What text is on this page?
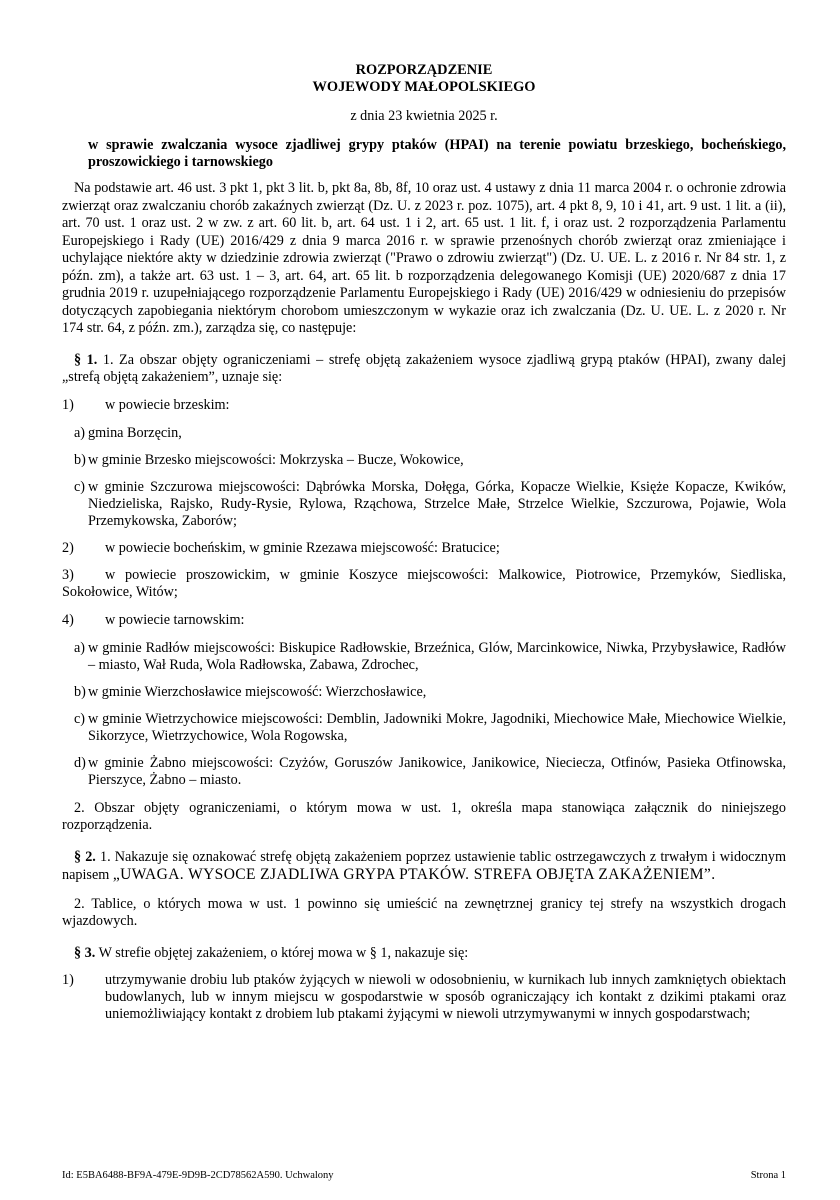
ROZPORZĄDZENIE
WOJEWODY MAŁOPOLSKIEGO
z dnia 23 kwietnia 2025 r.
w sprawie zwalczania wysoce zjadliwej grypy ptaków (HPAI) na terenie powiatu brzeskiego, bocheńskiego, proszowickiego i tarnowskiego

Na podstawie art. 46 ust. 3 pkt 1, pkt 3 lit. b, pkt 8a, 8b, 8f, 10 oraz ust. 4 ustawy z dnia 11 marca 2004 r. o ochronie zdrowia zwierząt oraz zwalczaniu chorób zakaźnych zwierząt (Dz. U. z 2023 r. poz. 1075), art. 4 pkt 8, 9, 10 i 41, art. 9 ust. 1 lit. a (ii), art. 70 ust. 1 oraz ust. 2 w zw. z art. 60 lit. b, art. 64 ust. 1 i 2, art. 65 ust. 1 lit. f, i oraz ust. 2 rozporządzenia Parlamentu Europejskiego i Rady (UE) 2016/429 z dnia 9 marca 2016 r. w sprawie przenośnych chorób zwierząt oraz zmieniające i uchylające niektóre akty w dziedzinie zdrowia zwierząt ("Prawo o zdrowiu zwierząt") (Dz. U. UE. L. z 2016 r. Nr 84 str. 1, z późn. zm), a także art. 63 ust. 1 – 3, art. 64, art. 65 lit. b rozporządzenia delegowanego Komisji (UE) 2020/687 z dnia 17 grudnia 2019 r. uzupełniającego rozporządzenie Parlamentu Europejskiego i Rady (UE) 2016/429 w odniesieniu do przepisów dotyczących zapobiegania niektórym chorobom umieszczonym w wykazie oraz ich zwalczania (Dz. U. UE. L. z 2020 r. Nr 174 str. 64, z późn. zm.), zarządza się, co następuje:

§ 1. 1. Za obszar objęty ograniczeniami – strefę objętą zakażeniem wysoce zjadliwą grypą ptaków (HPAI), zwany dalej „strefą objętą zakażeniem”, uznaje się:

1)	w powiecie brzeskim:
a) gmina Borzęcin,
b) w gminie Brzesko miejscowości: Mokrzyska – Bucze, Wokowice,
c) w gminie Szczurowa miejscowości: Dąbrówka Morska, Dołęga, Górka, Kopacze Wielkie, Księże Kopacze, Kwików, Niedzieliska, Rajsko, Rudy-Rysie, Rylowa, Rząchowa, Strzelce Małe, Strzelce Wielkie, Szczurowa, Pojawie, Wola Przemykowska, Zaborów;
2)	w powiecie bocheńskim, w gminie Rzezawa miejscowość: Bratucice;

3) w powiecie proszowickim, w gminie Koszyce miejscowości: Malkowice, Piotrowice, Przemyków, Siedliska, Sokołowice, Witów;

4)	w powiecie tarnowskim:
a) w gminie Radłów miejscowości: Biskupice Radłowskie, Brzeźnica, Glów, Marcinkowice, Niwka, Przybysławice, Radłów – miasto, Wał Ruda, Wola Radłowska, Zabawa, Zdrochec,
b) w gminie Wierzchosławice miejscowość: Wierzchosławice,
c) w gminie Wietrzychowice miejscowości: Demblin, Jadowniki Mokre, Jagodniki, Miechowice Małe, Miechowice Wielkie, Sikorzyce, Wietrzychowice, Wola Rogowska,
d) w gminie Żabno miejscowości: Czyżów, Goruszów Janikowice, Janikowice, Niecieczа, Otfinów, Pasieka Otfinowska, Pierszyce, Żabno – miasto.

2. Obszar objęty ograniczeniami, o którym mowa w ust. 1, określa mapa stanowiąca załącznik do niniejszego rozporządzenia.

§ 2. 1. Nakazuje się oznakować strefę objętą zakażeniem poprzez ustawienie tablic ostrzegawczych z trwałym i widocznym napisem „UWAGA. WYSOCE ZJADLIWA GRYPA PTAKÓW. STREFA OBJĘTA ZAKAŻENIEM”.

2. Tablice, o których mowa w ust. 1 powinno się umieścić na zewnętrznej granicy tej strefy na wszystkich drogach wjazdowych.

§ 3. W strefie objętej zakażeniem, o której mowa w § 1, nakazuje się:

1)	utrzymywanie drobiu lub ptaków żyjących w niewoli w odosobnieniu, w kurnikach lub innych zamkniętych obiektach budowlanych, lub w innym miejscu w gospodarstwie w sposób ograniczający ich kontakt z dzikimi ptakami oraz uniemożliwiający kontakt z drobiem lub ptakami żyjącymi w niewoli utrzymywanymi w innych gospodarstwach;
Id: E5BA6488-BF9A-479E-9D9B-2CD78562A590. Uchwalony	Strona 1
